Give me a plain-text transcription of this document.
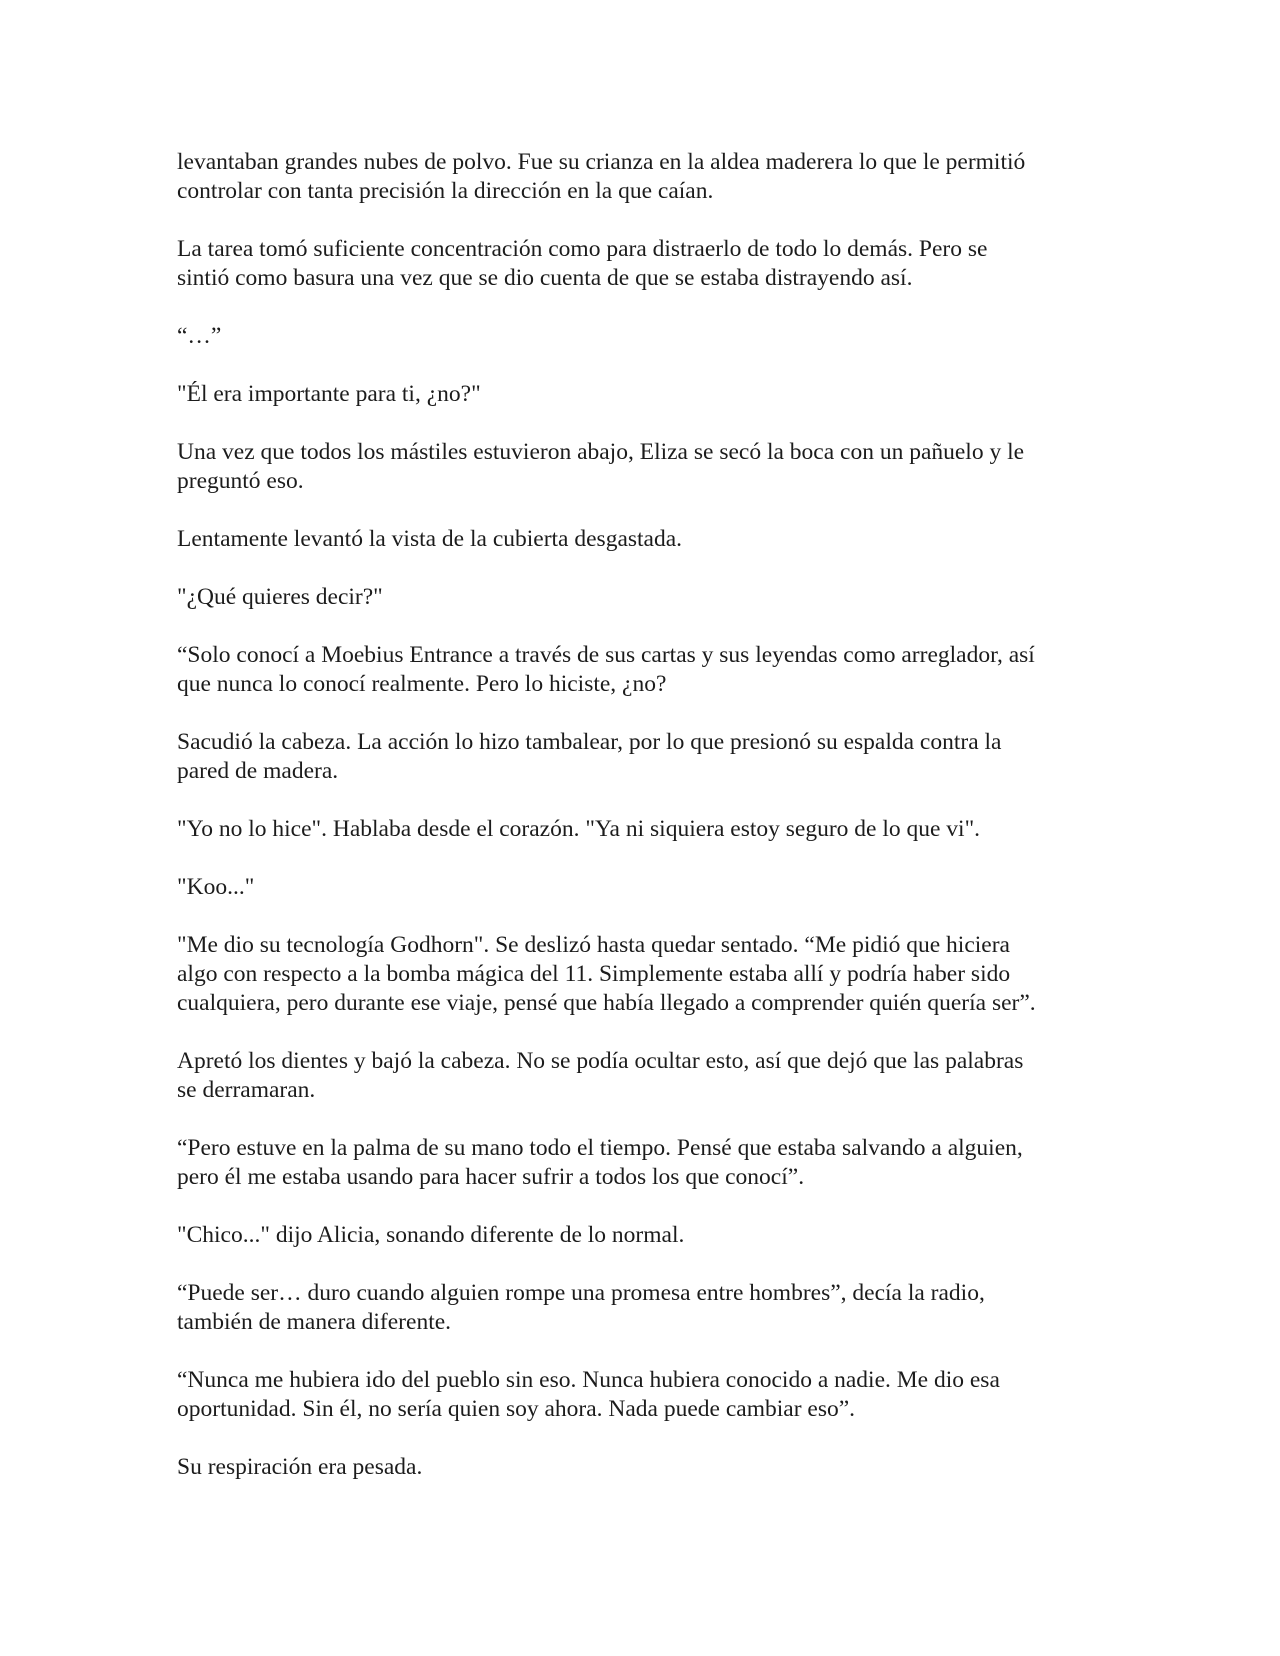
levantaban grandes nubes de polvo. Fue su crianza en la aldea maderera lo que le permitió
controlar con tanta precisión la dirección en la que caían.

La tarea tomó suficiente concentración como para distraerlo de todo lo demás. Pero se
sintió como basura una vez que se dio cuenta de que se estaba distrayendo así.

“…”

"Él era importante para ti, ¿no?"

Una vez que todos los mástiles estuvieron abajo, Eliza se secó la boca con un pañuelo y le
preguntó eso.

Lentamente levantó la vista de la cubierta desgastada.

"¿Qué quieres decir?"

“Solo conocí a Moebius Entrance a través de sus cartas y sus leyendas como arreglador, así
que nunca lo conocí realmente. Pero lo hiciste, ¿no?

Sacudió la cabeza. La acción lo hizo tambalear, por lo que presionó su espalda contra la
pared de madera.

"Yo no lo hice". Hablaba desde el corazón. "Ya ni siquiera estoy seguro de lo que vi".

"Koo..."

"Me dio su tecnología Godhorn". Se deslizó hasta quedar sentado. “Me pidió que hiciera
algo con respecto a la bomba mágica del 11. Simplemente estaba allí y podría haber sido
cualquiera, pero durante ese viaje, pensé que había llegado a comprender quién quería ser”.

Apretó los dientes y bajó la cabeza. No se podía ocultar esto, así que dejó que las palabras
se derramaran.

“Pero estuve en la palma de su mano todo el tiempo. Pensé que estaba salvando a alguien,
pero él me estaba usando para hacer sufrir a todos los que conocí”.

"Chico..." dijo Alicia, sonando diferente de lo normal.

“Puede ser… duro cuando alguien rompe una promesa entre hombres”, decía la radio,
también de manera diferente.

“Nunca me hubiera ido del pueblo sin eso. Nunca hubiera conocido a nadie. Me dio esa
oportunidad. Sin él, no sería quien soy ahora. Nada puede cambiar eso”.

Su respiración era pesada.
